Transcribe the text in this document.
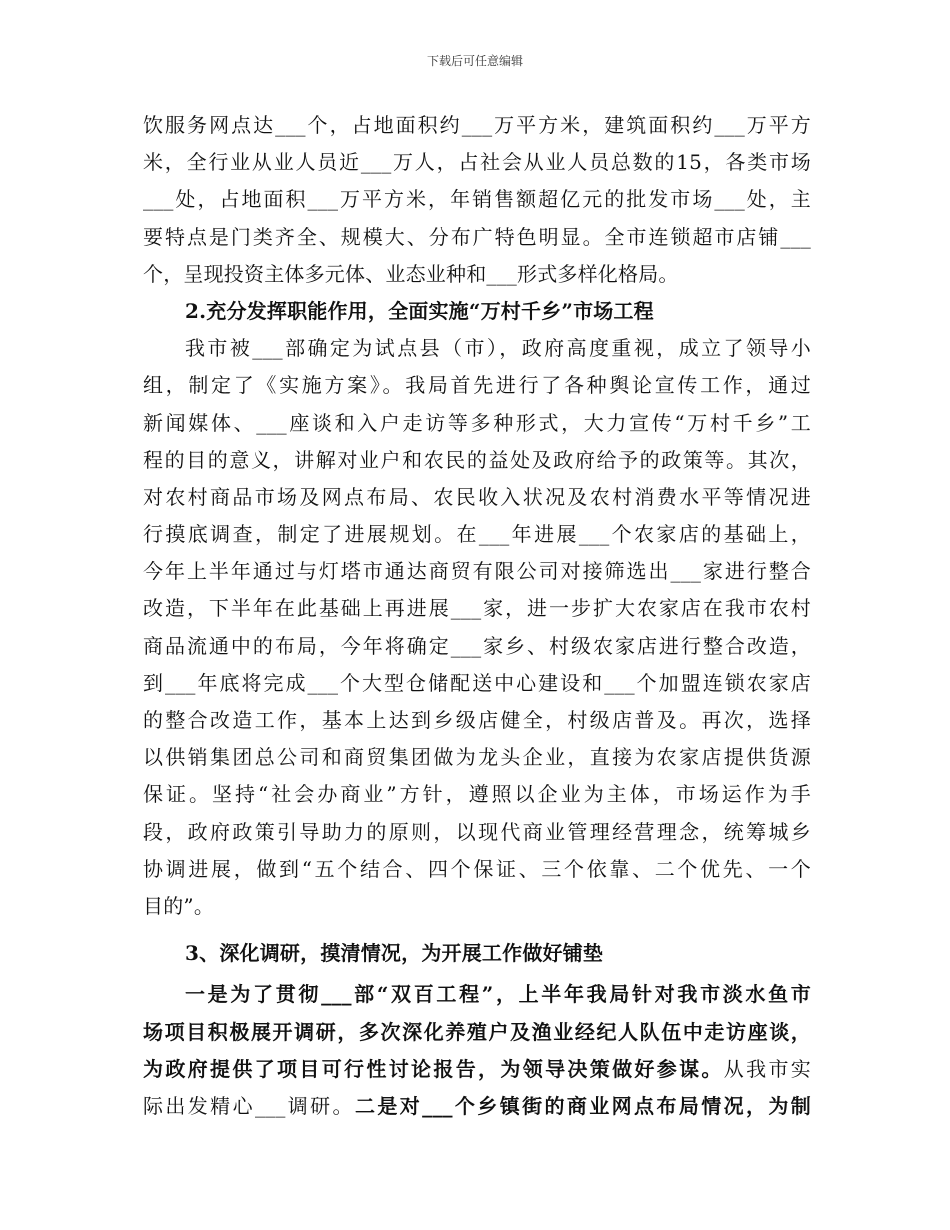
下载后可任意编辑
饮服务网点达___个，占地面积约___万平方米，建筑面积约___万平方
米，全行业从业人员近___万人，占社会从业人员总数的15，各类市场
___处，占地面积___万平方米，年销售额超亿元的批发市场___处，主
要特点是门类齐全、规模大、分布广特色明显。全市连锁超市店铺___
个，呈现投资主体多元体、业态业种和___形式多样化格局。
2.充分发挥职能作用，全面实施“万村千乡”市场工程
我市被___部确定为试点县（市），政府高度重视，成立了领导小
组，制定了《实施方案》。我局首先进行了各种舆论宣传工作，通过
新闻媒体、___座谈和入户走访等多种形式，大力宣传“万村千乡”工
程的目的意义，讲解对业户和农民的益处及政府给予的政策等。其次，
对农村商品市场及网点布局、农民收入状况及农村消费水平等情况进
行摸底调查，制定了进展规划。在___年进展___个农家店的基础上，
今年上半年通过与灯塔市通达商贸有限公司对接筛选出___家进行整合
改造，下半年在此基础上再进展___家，进一步扩大农家店在我市农村
商品流通中的布局，今年将确定___家乡、村级农家店进行整合改造，
到___年底将完成___个大型仓储配送中心建设和___个加盟连锁农家店
的整合改造工作，基本上达到乡级店健全，村级店普及。再次，选择
以供销集团总公司和商贸集团做为龙头企业，直接为农家店提供货源
保证。坚持“社会办商业”方针，遵照以企业为主体，市场运作为手
段，政府政策引导助力的原则，以现代商业管理经营理念，统筹城乡
协调进展，做到“五个结合、四个保证、三个依靠、二个优先、一个
目的”。
3、深化调研，摸清情况，为开展工作做好铺垫
一是为了贯彻___部“双百工程”，上半年我局针对我市淡水鱼市
场项目积极展开调研，多次深化养殖户及渔业经纪人队伍中走访座谈，
为政府提供了项目可行性讨论报告，为领导决策做好参谋。从我市实
际出发精心___调研。二是对___个乡镇街的商业网点布局情况，为制
